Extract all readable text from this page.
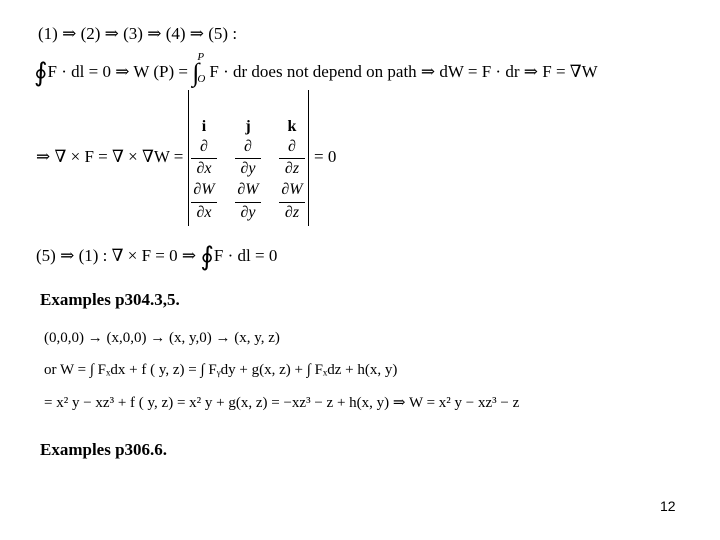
(1) ⇒ (2) ⇒ (3) ⇒ (4) ⇒ (5) :
∮F · dl = 0 ⇒ W (P) = ∫
P
O F · dr does not depend on path ⇒ dW = F · dr ⇒ F = ∇W
⇒ ∇ × F = ∇ × ∇W =
i	j	k
∂	∂	∂
∂x	∂y	∂z
∂W	∂W	∂W
∂x	∂y	∂z
= 0
(5) ⇒ (1) : ∇ × F = 0 ⇒ ∮F · dl = 0
Examples p304.3,5.
(0,0,0) → (x,0,0) → (x, y,0) → (x, y, z)
or W = ∫ Fₓdx + f ( y, z) = ∫ Fᵧdy + g(x, z) + ∫ Fₓdz + h(x, y)
= x² y − xz³ + f ( y, z) = x² y + g(x, z) = −xz³ − z + h(x, y) ⇒ W = x² y − xz³ − z
Examples p306.6.
12
